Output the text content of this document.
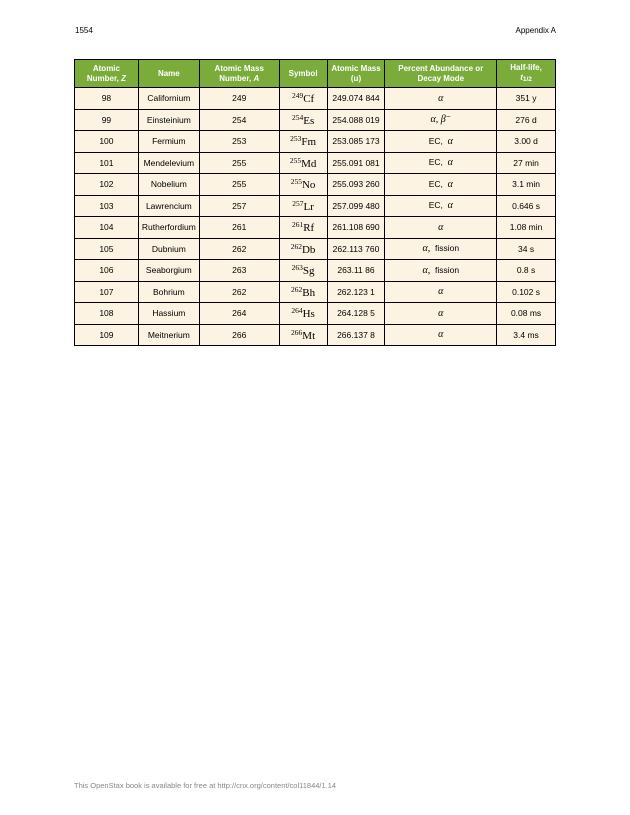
1554	Appendix A
Atomic Number, Z	Name	Atomic Mass Number, A	Symbol	Atomic Mass (u)	Percent Abundance or Decay Mode	Half-life,
t1/2
98	Californium	249	$^{249}$Cf	249.074 844	α	351 y
99	Einsteinium	254	$^{254}$Es	254.088 019	α, β⁻	276 d
100	Fermium	253	$^{253}$Fm	253.085 173	EC, α	3.00 d
101	Mendelevium	255	$^{255}$Md	255.091 081	EC, α	27 min
102	Nobelium	255	$^{255}$No	255.093 260	EC, α	3.1 min
103	Lawrencium	257	$^{257}$Lr	257.099 480	EC, α	0.646 s
104	Rutherfordium	261	$^{261}$Rf	261.108 690	α	1.08 min
105	Dubnium	262	$^{262}$Db	262.113 760	α, fission	34 s
106	Seaborgium	263	$^{263}$Sg	263.11 86	α, fission	0.8 s
107	Bohrium	262	$^{262}$Bh	262.123 1	α	0.102 s
108	Hassium	264	$^{264}$Hs	264.128 5	α	0.08 ms
109	Meitnerium	266	$^{266}$Mt	266.137 8	α	3.4 ms
This OpenStax book is available for free at http://cnx.org/content/col11844/1.14
